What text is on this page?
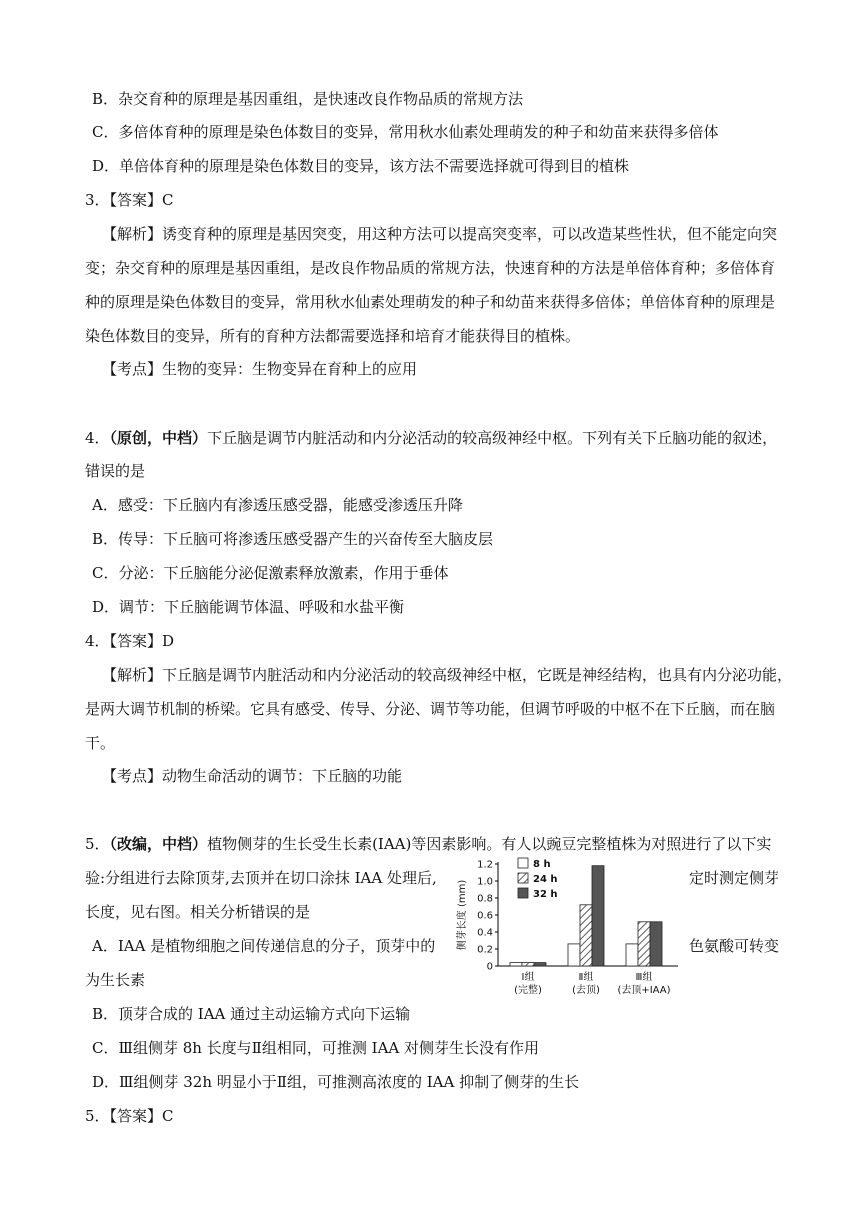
B．杂交育种的原理是基因重组，是快速改良作物品质的常规方法
C．多倍体育种的原理是染色体数目的变异，常用秋水仙素处理萌发的种子和幼苗来获得多倍体
D．单倍体育种的原理是染色体数目的变异，该方法不需要选择就可得到目的植株
3．【答案】C
【解析】诱变育种的原理是基因突变，用这种方法可以提高突变率，可以改造某些性状，但不能定向突
变；杂交育种的原理是基因重组，是改良作物品质的常规方法，快速育种的方法是单倍体育种；多倍体育
种的原理是染色体数目的变异，常用秋水仙素处理萌发的种子和幼苗来获得多倍体；单倍体育种的原理是
染色体数目的变异，所有的育种方法都需要选择和培育才能获得目的植株。
【考点】生物的变异：生物变异在育种上的应用
4．（原创，中档）下丘脑是调节内脏活动和内分泌活动的较高级神经中枢。下列有关下丘脑功能的叙述，
错误的是
A．感受：下丘脑内有渗透压感受器，能感受渗透压升降
B．传导：下丘脑可将渗透压感受器产生的兴奋传至大脑皮层
C．分泌：下丘脑能分泌促激素释放激素，作用于垂体
D．调节：下丘脑能调节体温、呼吸和水盐平衡
4．【答案】D
【解析】下丘脑是调节内脏活动和内分泌活动的较高级神经中枢，它既是神经结构，也具有内分泌功能，
是两大调节机制的桥梁。它具有感受、传导、分泌、调节等功能，但调节呼吸的中枢不在下丘脑，而在脑
干。
【考点】动物生命活动的调节：下丘脑的功能
5．（改编，中档）植物侧芽的生长受生长素(IAA)等因素影响。有人以豌豆完整植株为对照进行了以下实
验:分组进行去除顶芽,去顶并在切口涂抹 IAA 处理后,	定时测定侧芽
长度，见右图。相关分析错误的是
A．IAA 是植物细胞之间传递信息的分子，顶芽中的	色氨酸可转变
为生长素
B．顶芽合成的 IAA 通过主动运输方式向下运输
C．Ⅲ组侧芽 8h 长度与Ⅱ组相同，可推测 IAA 对侧芽生长没有作用
D．Ⅲ组侧芽 32h 明显小于Ⅱ组，可推测高浓度的 IAA 抑制了侧芽的生长
5．【答案】C
0
0.2
0.4
0.6
0.8
1.0
1.2
侧芽长度 (mm)
Ⅰ组
(完整)
Ⅱ组
(去顶)
Ⅲ组
(去顶+IAA)
8 h
24 h
32 h
